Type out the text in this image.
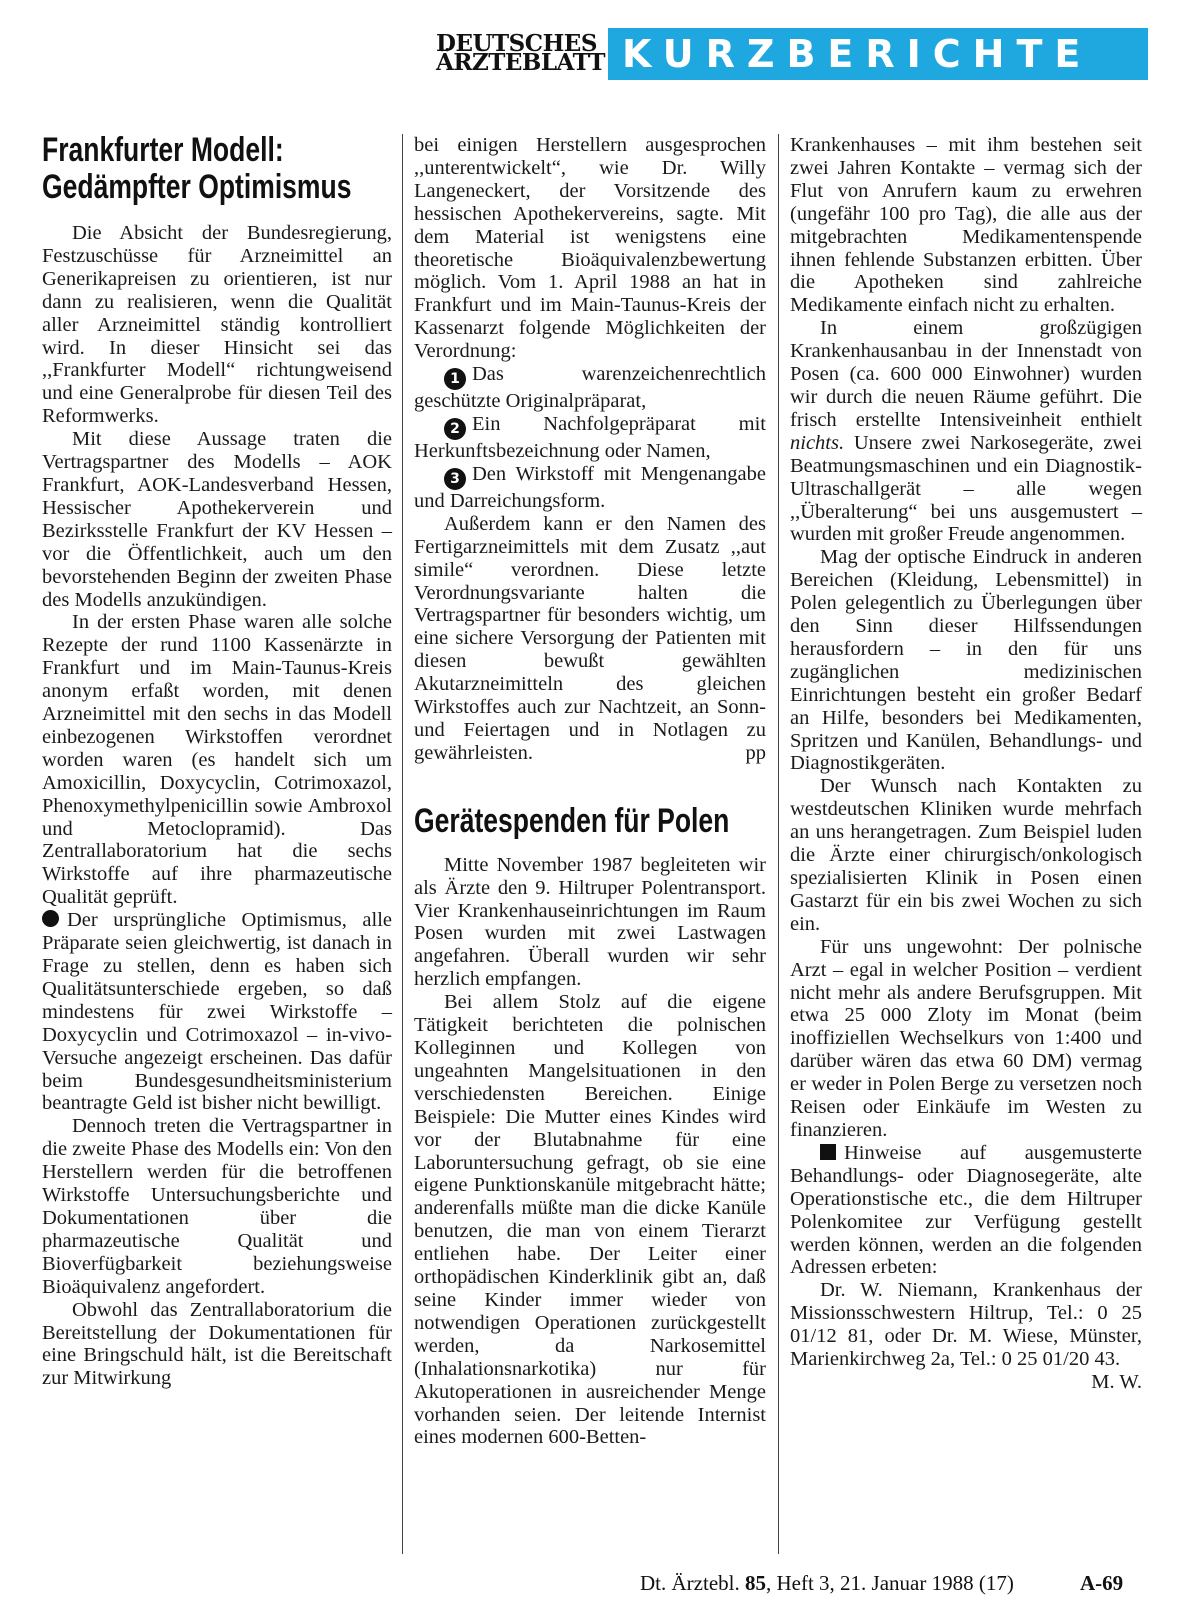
DEUTSCHES
ÄRZTEBLATT KURZBERICHTE
Frankfurter Modell:
Gedämpfter Optimismus

Die Absicht der Bundesregierung, Festzuschüsse für Arzneimittel an Generikapreisen zu orientieren, ist nur dann zu realisieren, wenn die Qualität aller Arzneimittel ständig kontrolliert wird. In dieser Hinsicht sei das ,,Frankfurter Modell“ richtungweisend und eine Generalprobe für diesen Teil des Reformwerks.

Mit diese Aussage traten die Vertragspartner des Modells – AOK Frankfurt, AOK-Landesverband Hessen, Hessischer Apothekerverein und Bezirksstelle Frankfurt der KV Hessen – vor die Öffentlichkeit, auch um den bevorstehenden Beginn der zweiten Phase des Modells anzukündigen.

In der ersten Phase waren alle solche Rezepte der rund 1100 Kassenärzte in Frankfurt und im Main-Taunus-Kreis anonym erfaßt worden, mit denen Arzneimittel mit den sechs in das Modell einbezogenen Wirkstoffen verordnet worden waren (es handelt sich um Amoxicillin, Doxycyclin, Cotrimoxazol, Phenoxymethylpenicillin sowie Ambroxol und Metoclopramid). Das Zentrallaboratorium hat die sechs Wirkstoffe auf ihre pharmazeutische Qualität geprüft.

Der ursprüngliche Optimismus, alle Präparate seien gleichwertig, ist danach in Frage zu stellen, denn es haben sich Qualitätsunterschiede ergeben, so daß mindestens für zwei Wirkstoffe – Doxycyclin und Cotrimoxazol – in-vivo-Versuche angezeigt erscheinen. Das dafür beim Bundesgesundheitsministerium beantragte Geld ist bisher nicht bewilligt.

Dennoch treten die Vertragspartner in die zweite Phase des Modells ein: Von den Herstellern werden für die betroffenen Wirkstoffe Untersuchungsberichte und Dokumentationen über die pharmazeutische Qualität und Bioverfügbarkeit beziehungsweise Bioäquivalenz angefordert.

Obwohl das Zentrallaboratorium die Bereitstellung der Dokumentationen für eine Bringschuld hält, ist die Bereitschaft zur Mitwirkung

bei einigen Herstellern ausgesprochen ,,unterentwickelt“, wie Dr. Willy Langeneckert, der Vorsitzende des hessischen Apothekervereins, sagte. Mit dem Material ist wenigstens eine theoretische Bioäquivalenzbewertung möglich. Vom 1. April 1988 an hat in Frankfurt und im Main-Taunus-Kreis der Kassenarzt folgende Möglichkeiten der Verordnung:

1 Das warenzeichenrechtlich geschützte Originalpräparat,

2 Ein Nachfolgepräparat mit Herkunftsbezeichnung oder Namen,

3 Den Wirkstoff mit Mengenangabe und Darreichungsform.

Außerdem kann er den Namen des Fertigarzneimittels mit dem Zusatz ,,aut simile“ verordnen. Diese letzte Verordnungsvariante halten die Vertragspartner für besonders wichtig, um eine sichere Versorgung der Patienten mit diesen bewußt gewählten Akutarzneimitteln des gleichen Wirkstoffes auch zur Nachtzeit, an Sonn- und Feiertagen und in Notlagen zu gewährleisten.	pp

Gerätespenden für Polen

Mitte November 1987 begleiteten wir als Ärzte den 9. Hiltruper Polentransport. Vier Krankenhauseinrichtungen im Raum Posen wurden mit zwei Lastwagen angefahren. Überall wurden wir sehr herzlich empfangen.

Bei allem Stolz auf die eigene Tätigkeit berichteten die polnischen Kolleginnen und Kollegen von ungeahnten Mangelsituationen in den verschiedensten Bereichen. Einige Beispiele: Die Mutter eines Kindes wird vor der Blutabnahme für eine Laboruntersuchung gefragt, ob sie eine eigene Punktionskanüle mitgebracht hätte; anderenfalls müßte man die dicke Kanüle benutzen, die man von einem Tierarzt entliehen habe. Der Leiter einer orthopädischen Kinderklinik gibt an, daß seine Kinder immer wieder von notwendigen Operationen zurückgestellt werden, da Narkosemittel (Inhalationsnarkotika) nur für Akutoperationen in ausreichender Menge vorhanden seien. Der leitende Internist eines modernen 600-Betten-

Krankenhauses – mit ihm bestehen seit zwei Jahren Kontakte – vermag sich der Flut von Anrufern kaum zu erwehren (ungefähr 100 pro Tag), die alle aus der mitgebrachten Medikamentenspende ihnen fehlende Substanzen erbitten. Über die Apotheken sind zahlreiche Medikamente einfach nicht zu erhalten.

In einem großzügigen Krankenhausanbau in der Innenstadt von Posen (ca. 600 000 Einwohner) wurden wir durch die neuen Räume geführt. Die frisch erstellte Intensiveinheit enthielt nichts. Unsere zwei Narkosegeräte, zwei Beatmungsmaschinen und ein Diagnostik-Ultraschallgerät – alle wegen ,,Überalterung“ bei uns ausgemustert – wurden mit großer Freude angenommen.

Mag der optische Eindruck in anderen Bereichen (Kleidung, Lebensmittel) in Polen gelegentlich zu Überlegungen über den Sinn dieser Hilfssendungen herausfordern – in den für uns zugänglichen medizinischen Einrichtungen besteht ein großer Bedarf an Hilfe, besonders bei Medikamenten, Spritzen und Kanülen, Behandlungs- und Diagnostikgeräten.

Der Wunsch nach Kontakten zu westdeutschen Kliniken wurde mehrfach an uns herangetragen. Zum Beispiel luden die Ärzte einer chirurgisch/onkologisch spezialisierten Klinik in Posen einen Gastarzt für ein bis zwei Wochen zu sich ein.

Für uns ungewohnt: Der polnische Arzt – egal in welcher Position – verdient nicht mehr als andere Berufsgruppen. Mit etwa 25 000 Zloty im Monat (beim inoffiziellen Wechselkurs von 1:400 und darüber wären das etwa 60 DM) vermag er weder in Polen Berge zu versetzen noch Reisen oder Einkäufe im Westen zu finanzieren.

Hinweise auf ausgemusterte Behandlungs- oder Diagnosegeräte, alte Operationstische etc., die dem Hiltruper Polenkomitee zur Verfügung gestellt werden können, werden an die folgenden Adressen erbeten:

Dr. W. Niemann, Krankenhaus der Missionsschwestern Hiltrup, Tel.: 0 25 01/12 81, oder Dr. M. Wiese, Münster, Marienkirchweg 2a, Tel.: 0 25 01/20 43.
M. W.

Dt. Ärztebl. 85, Heft 3, 21. Januar 1988 (17)	A-69
